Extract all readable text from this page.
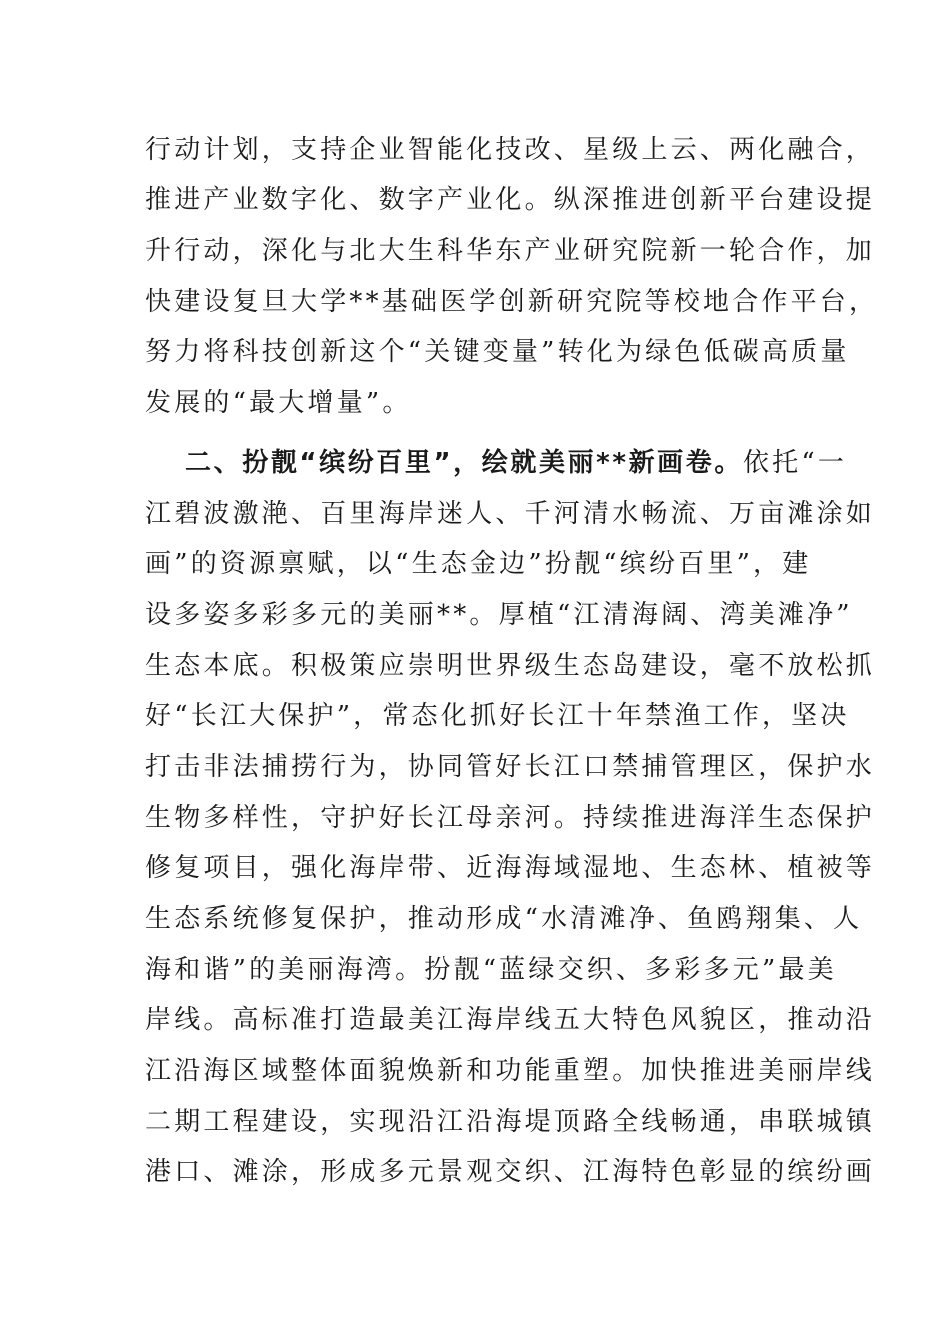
行动计划，支持企业智能化技改、星级上云、两化融合，
推进产业数字化、数字产业化。纵深推进创新平台建设提
升行动，深化与北大生科华东产业研究院新一轮合作，加
快建设复旦大学**基础医学创新研究院等校地合作平台，
努力将科技创新这个“关键变量”转化为绿色低碳高质量
发展的“最大增量”。
二、扮靓“缤纷百里”，绘就美丽**新画卷。依托“一
江碧波激滟、百里海岸迷人、千河清水畅流、万亩滩涂如
画”的资源禀赋，以“生态金边”扮靓“缤纷百里”，建
设多姿多彩多元的美丽**。厚植“江清海阔、湾美滩净”
生态本底。积极策应崇明世界级生态岛建设，毫不放松抓
好“长江大保护”，常态化抓好长江十年禁渔工作，坚决
打击非法捕捞行为，协同管好长江口禁捕管理区，保护水
生物多样性，守护好长江母亲河。持续推进海洋生态保护
修复项目，强化海岸带、近海海域湿地、生态林、植被等
生态系统修复保护，推动形成“水清滩净、鱼鸥翔集、人
海和谐”的美丽海湾。扮靓“蓝绿交织、多彩多元”最美
岸线。高标准打造最美江海岸线五大特色风貌区，推动沿
江沿海区域整体面貌焕新和功能重塑。加快推进美丽岸线
二期工程建设，实现沿江沿海堤顶路全线畅通，串联城镇
港口、滩涂，形成多元景观交织、江海特色彰显的缤纷画
